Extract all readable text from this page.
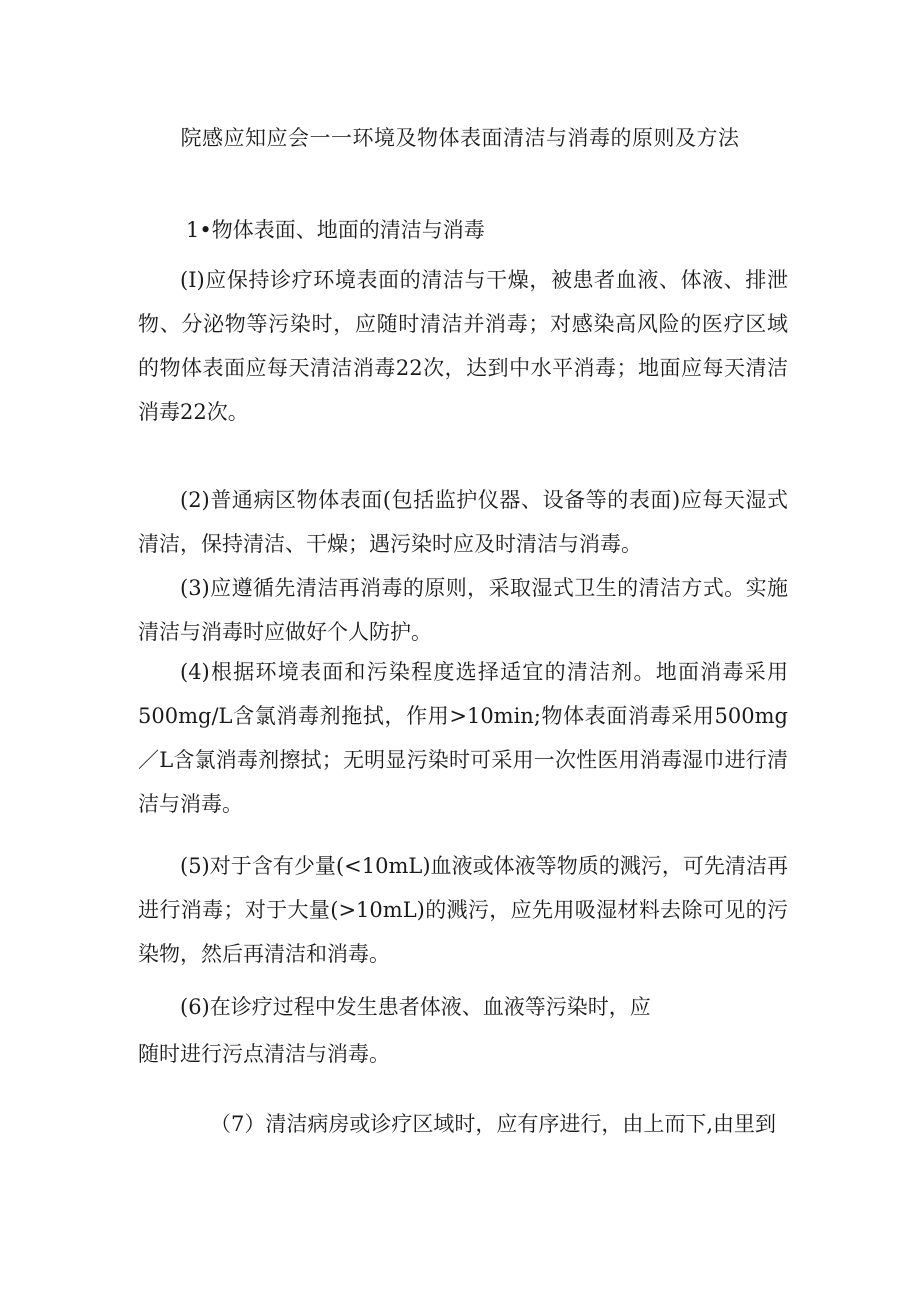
院感应知应会一一环境及物体表面清洁与消毒的原则及方法
1•物体表面、地面的清洁与消毒

(I)应保持诊疗环境表面的清洁与干燥，被患者血液、体液、排泄物、分泌物等污染时，应随时清洁并消毒；对感染高风险的医疗区域的物体表面应每天清洁消毒22次，达到中水平消毒；地面应每天清洁消毒22次。

(2)普通病区物体表面(包括监护仪器、设备等的表面)应每天湿式清洁，保持清洁、干燥；遇污染时应及时清洁与消毒。

(3)应遵循先清洁再消毒的原则，采取湿式卫生的清洁方式。实施清洁与消毒时应做好个人防护。

(4)根据环境表面和污染程度选择适宜的清洁剂。地面消毒采用500mg/L含氯消毒剂拖拭，作用>10min;物体表面消毒采用500mg／L含氯消毒剂擦拭；无明显污染时可采用一次性医用消毒湿巾进行清洁与消毒。

(5)对于含有少量(<10mL)血液或体液等物质的溅污，可先清洁再进行消毒；对于大量(>10mL)的溅污，应先用吸湿材料去除可见的污染物，然后再清洁和消毒。

(6)在诊疗过程中发生患者体液、血液等污染时，应

随时进行污点清洁与消毒。

（7）清洁病房或诊疗区域时，应有序进行，由上而下,由里到
